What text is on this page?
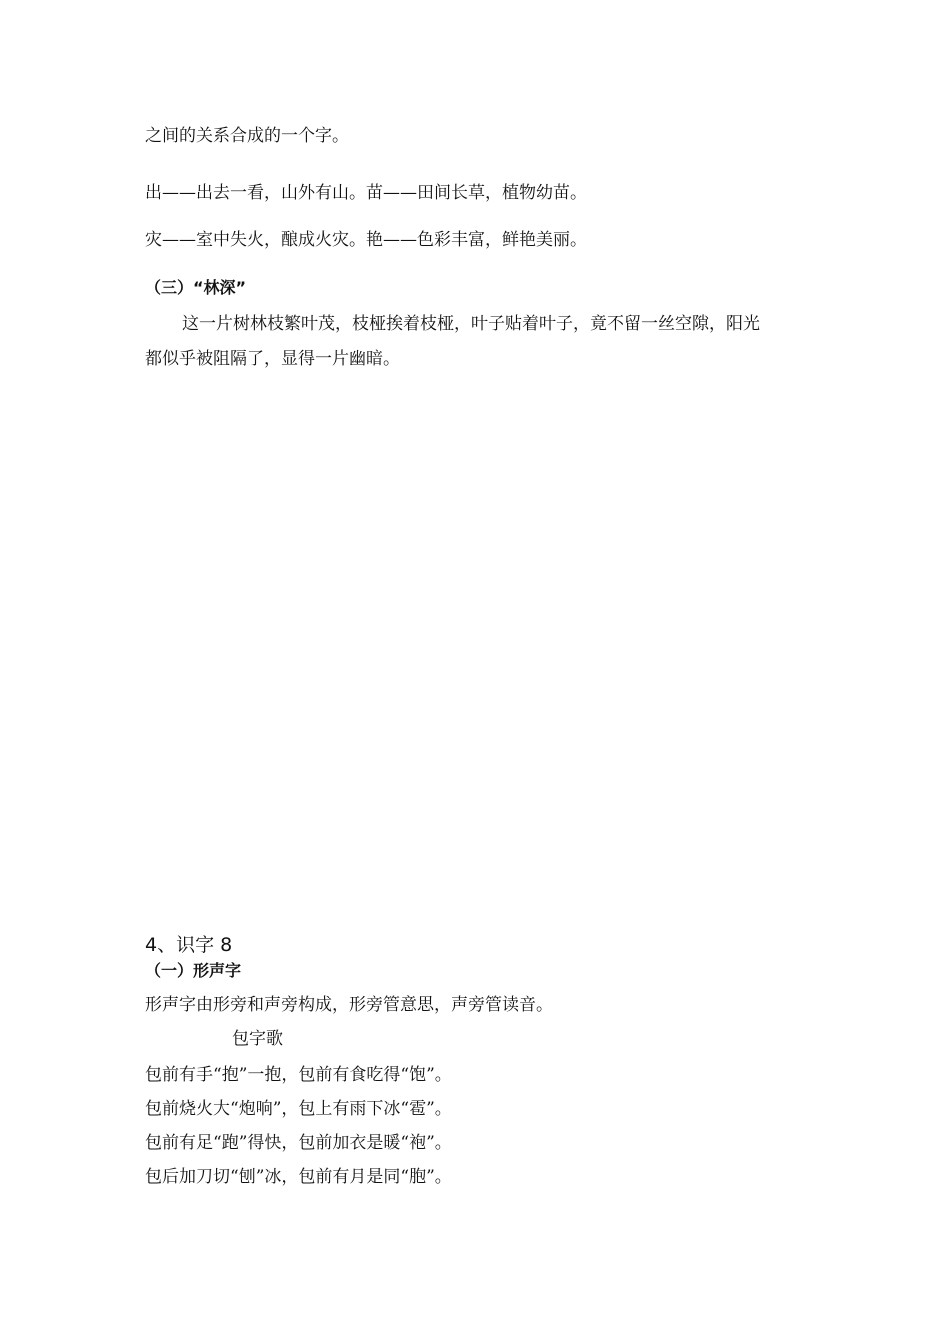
之间的关系合成的一个字。
出——出去一看，山外有山。苗——田间长草，植物幼苗。
灾——室中失火，酿成火灾。艳——色彩丰富，鲜艳美丽。
（三）“林深”
这一片树林枝繁叶茂，枝桠挨着枝桠，叶子贴着叶子，竟不留一丝空隙，阳光
都似乎被阻隔了，显得一片幽暗。
4、识字 8
（一）形声字
形声字由形旁和声旁构成，形旁管意思，声旁管读音。
包字歌
包前有手“抱”一抱，包前有食吃得“饱”。
包前烧火大“炮响”，包上有雨下冰“雹”。
包前有足“跑”得快，包前加衣是暖“袍”。
包后加刀切“刨”冰，包前有月是同“胞”。
